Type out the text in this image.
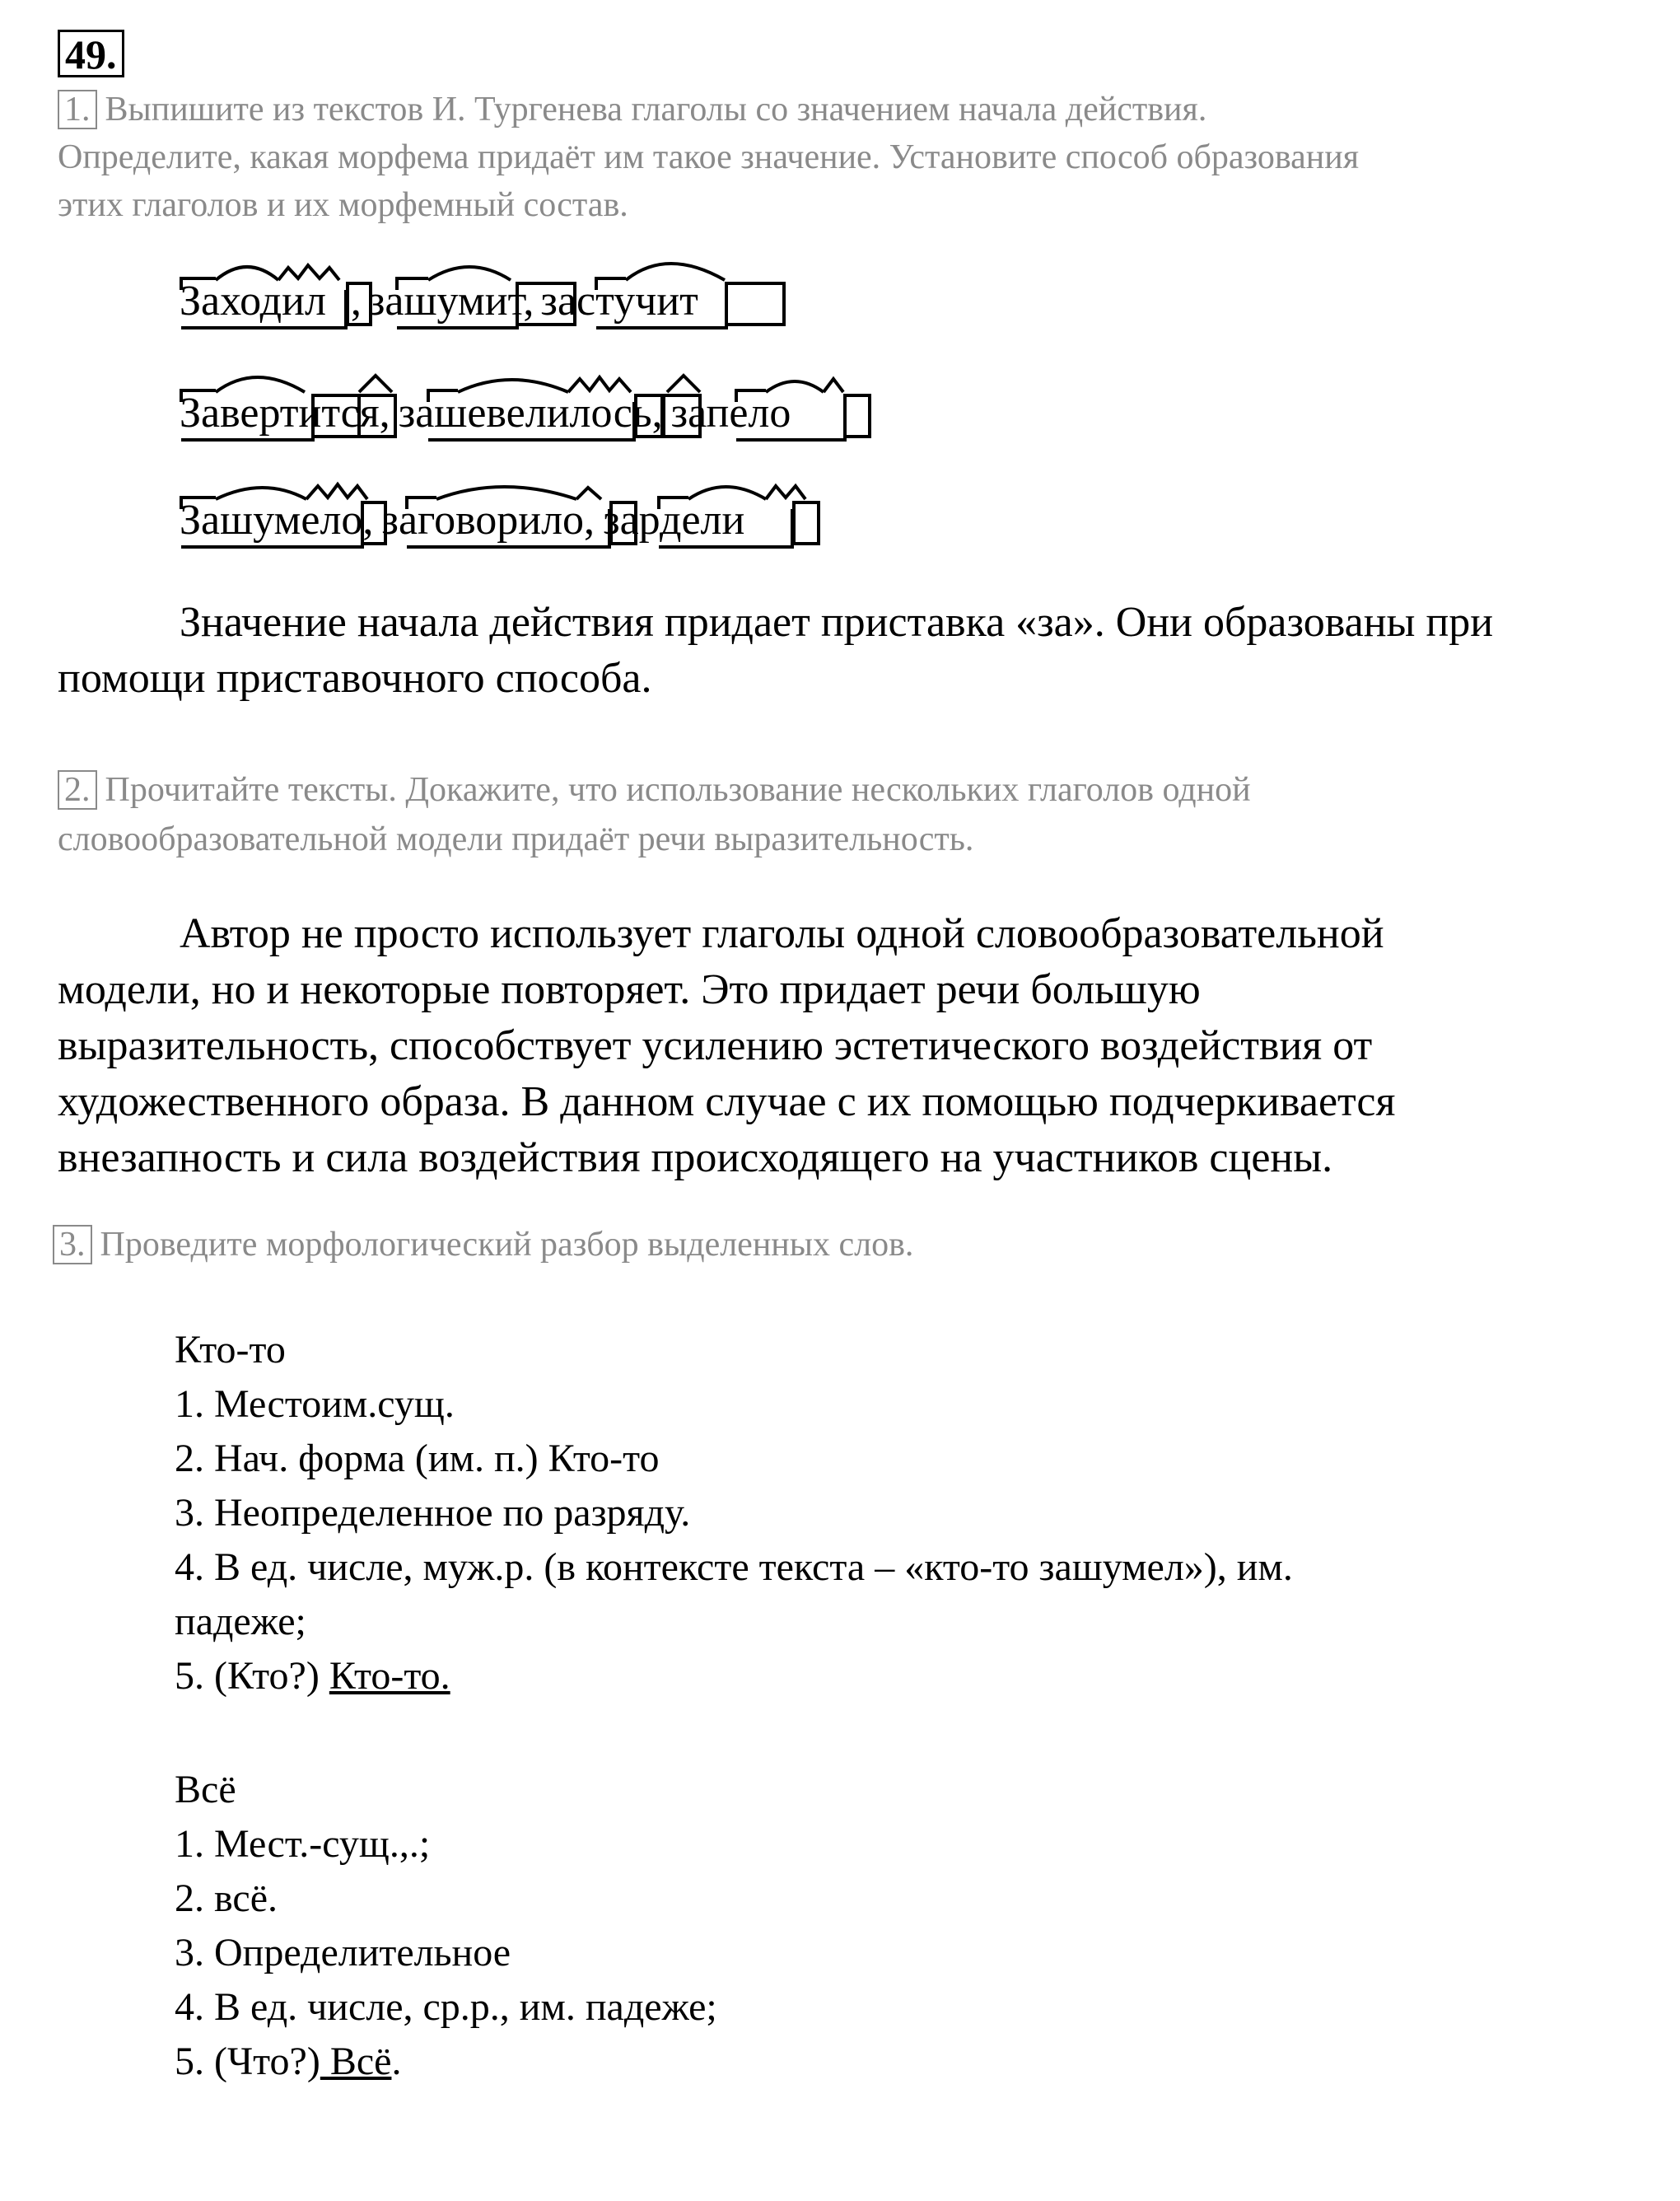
49.
1. Выпишите из текстов И. Тургенева глаголы со значением начала действия.
Определите, какая морфема придаёт им такое значение. Установите способ образования
этих глаголов и их морфемный состав.
Заходил , зашумит, застучит
Завертится, зашевелилось, запело
Зашумело, заговорило, зардели
Значение начала действия придает приставка «за». Они образованы при
помощи приставочного способа.
2. Прочитайте тексты. Докажите, что использование нескольких глаголов одной
словообразовательной модели придаёт речи выразительность.
Автор не просто использует глаголы одной словообразовательной
модели, но и некоторые повторяет. Это придает речи большую
выразительность, способствует усилению эстетического воздействия от
художественного образа. В данном случае с их помощью подчеркивается
внезапность и сила воздействия происходящего на участников сцены.
3. Проведите морфологический разбор выделенных слов.
Кто-то
1. Местоим.сущ.
2. Нач. форма (им. п.) Кто-то
3. Неопределенное по разряду.
4. В ед. числе, муж.р. (в контексте текста – «кто-то зашумел»), им.
падеже;
5. (Кто?) Кто-то.
Всё
1. Мест.-сущ.,.;
2. всё.
3. Определительное
4. В ед. числе, ср.р., им. падеже;
5. (Что?) Всё.
